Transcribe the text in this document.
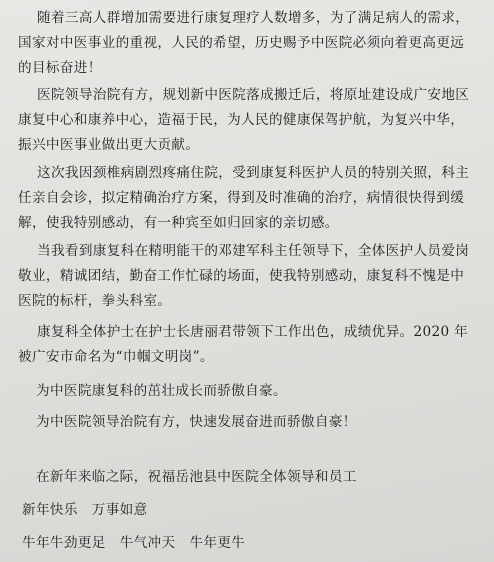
随着三高人群增加需要进行康复理疗人数增多，为了满足病人的需求，国家对中医事业的重视，人民的希望，历史赐予中医院必须向着更高更远的目标奋进！

医院领导治院有方，规划新中医院落成搬迁后，将原址建设成广安地区康复中心和康养中心，造福于民，为人民的健康保驾护航，为复兴中华，振兴中医事业做出更大贡献。

这次我因颈椎病剧烈疼痛住院，受到康复科医护人员的特别关照，科主任亲自会诊，拟定精确治疗方案，得到及时准确的治疗，病情很快得到缓解，使我特别感动，有一种宾至如归回家的亲切感。

当我看到康复科在精明能干的邓建军科主任领导下，全体医护人员爱岗敬业，精诚团结，勤奋工作忙碌的场面，使我特别感动，康复科不愧是中医院的标杆，拳头科室。

康复科全体护士在护士长唐丽君带领下工作出色，成绩优异。2020 年被广安市命名为“巾帼文明岗”。

为中医院康复科的茁壮成长而骄傲自豪。

为中医院领导治院有方，快速发展奋进而骄傲自豪！

在新年来临之际，祝福岳池县中医院全体领导和员工

新年快乐 万事如意

牛年牛劲更足 牛气冲天 牛年更牛
